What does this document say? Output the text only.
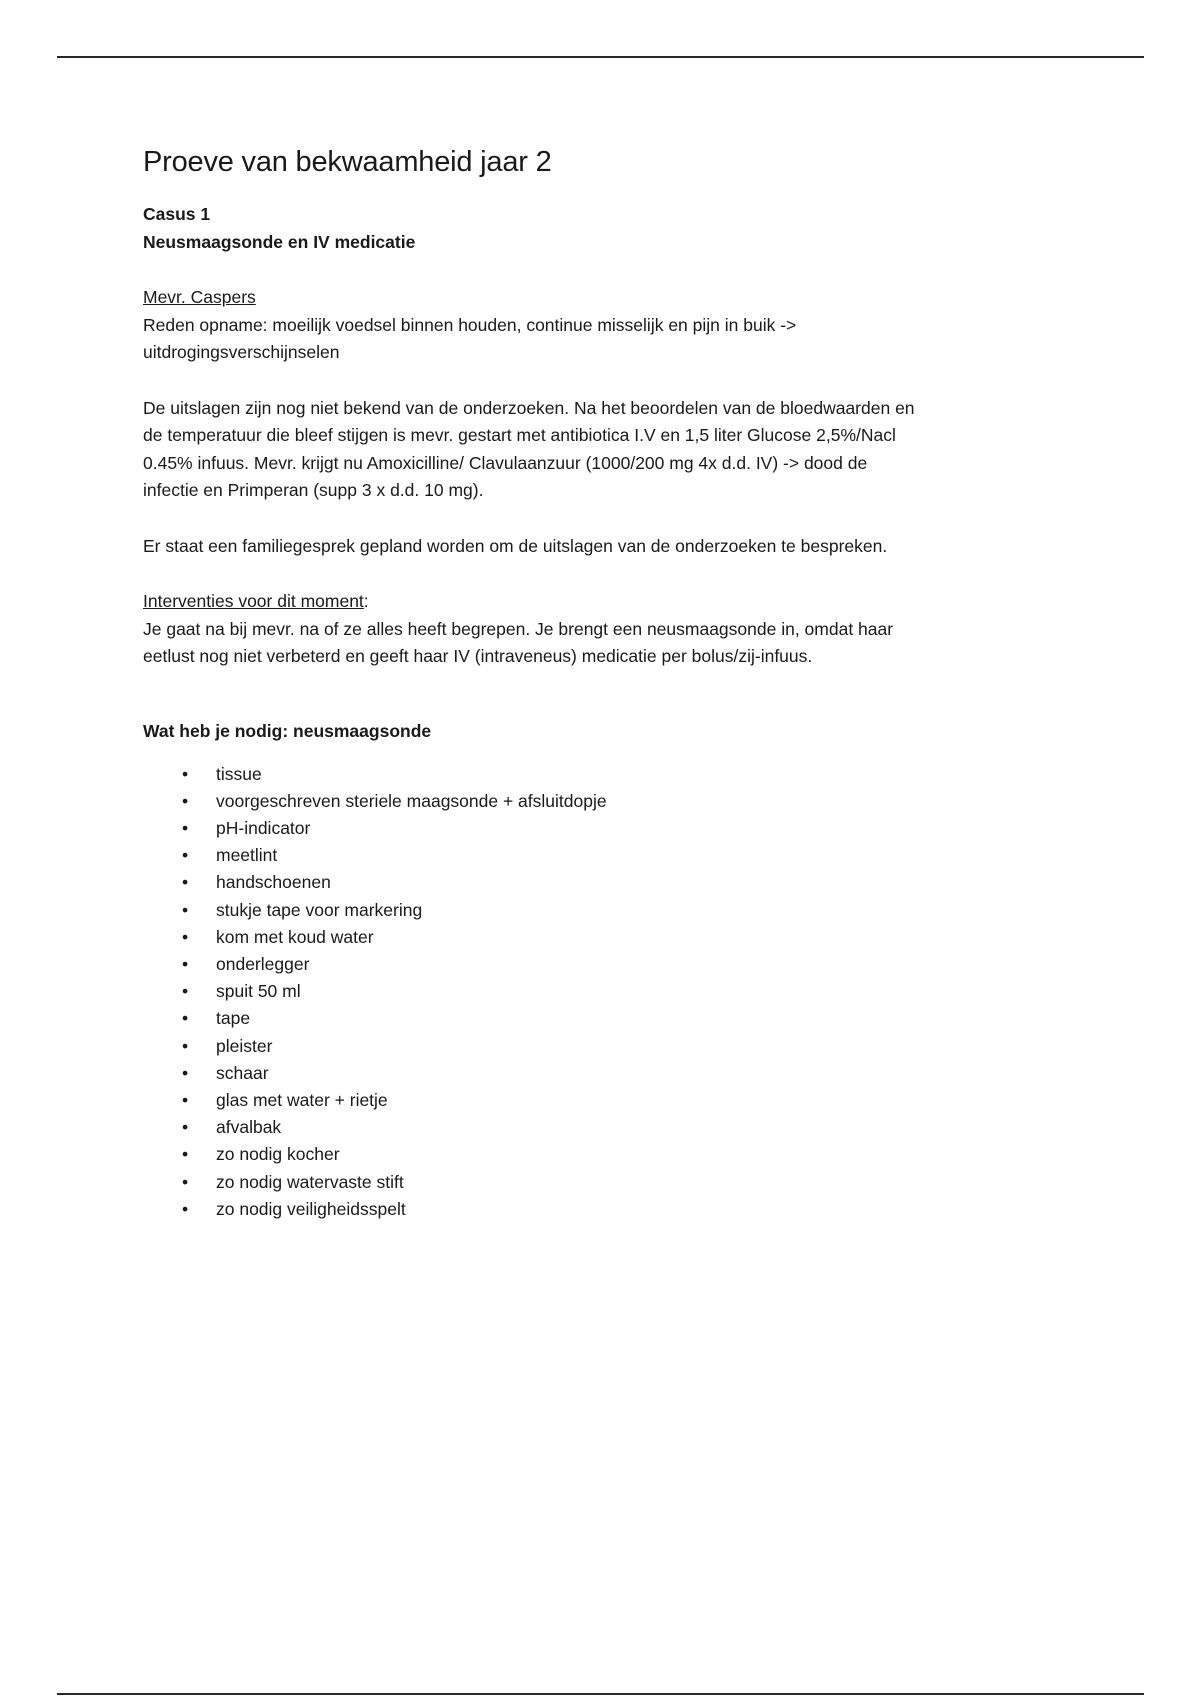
Proeve van bekwaamheid jaar 2

Casus 1

Neusmaagsonde en IV medicatie

Mevr. Caspers

Reden opname: moeilijk voedsel binnen houden, continue misselijk en pijn in buik ->

uitdrogingsverschijnselen

De uitslagen zijn nog niet bekend van de onderzoeken. Na het beoordelen van de bloedwaarden en

de temperatuur die bleef stijgen is mevr. gestart met antibiotica I.V en 1,5 liter Glucose 2,5%/Nacl

0.45% infuus. Mevr. krijgt nu Amoxicilline/ Clavulaanzuur (1000/200 mg 4x d.d. IV) -> dood de

infectie en Primperan (supp 3 x d.d. 10 mg).

Er staat een familiegesprek gepland worden om de uitslagen van de onderzoeken te bespreken.

Interventies voor dit moment:

Je gaat na bij mevr. na of ze alles heeft begrepen. Je brengt een neusmaagsonde in, omdat haar

eetlust nog niet verbeterd en geeft haar IV (intraveneus) medicatie per bolus/zij-infuus.

Wat heb je nodig: neusmaagsonde

• tissue
• voorgeschreven steriele maagsonde + afsluitdopje
• pH-indicator
• meetlint
• handschoenen
• stukje tape voor markering
• kom met koud water
• onderlegger
• spuit 50 ml
• tape
• pleister
• schaar
• glas met water + rietje
• afvalbak
• zo nodig kocher
• zo nodig watervaste stift
• zo nodig veiligheidsspelt
